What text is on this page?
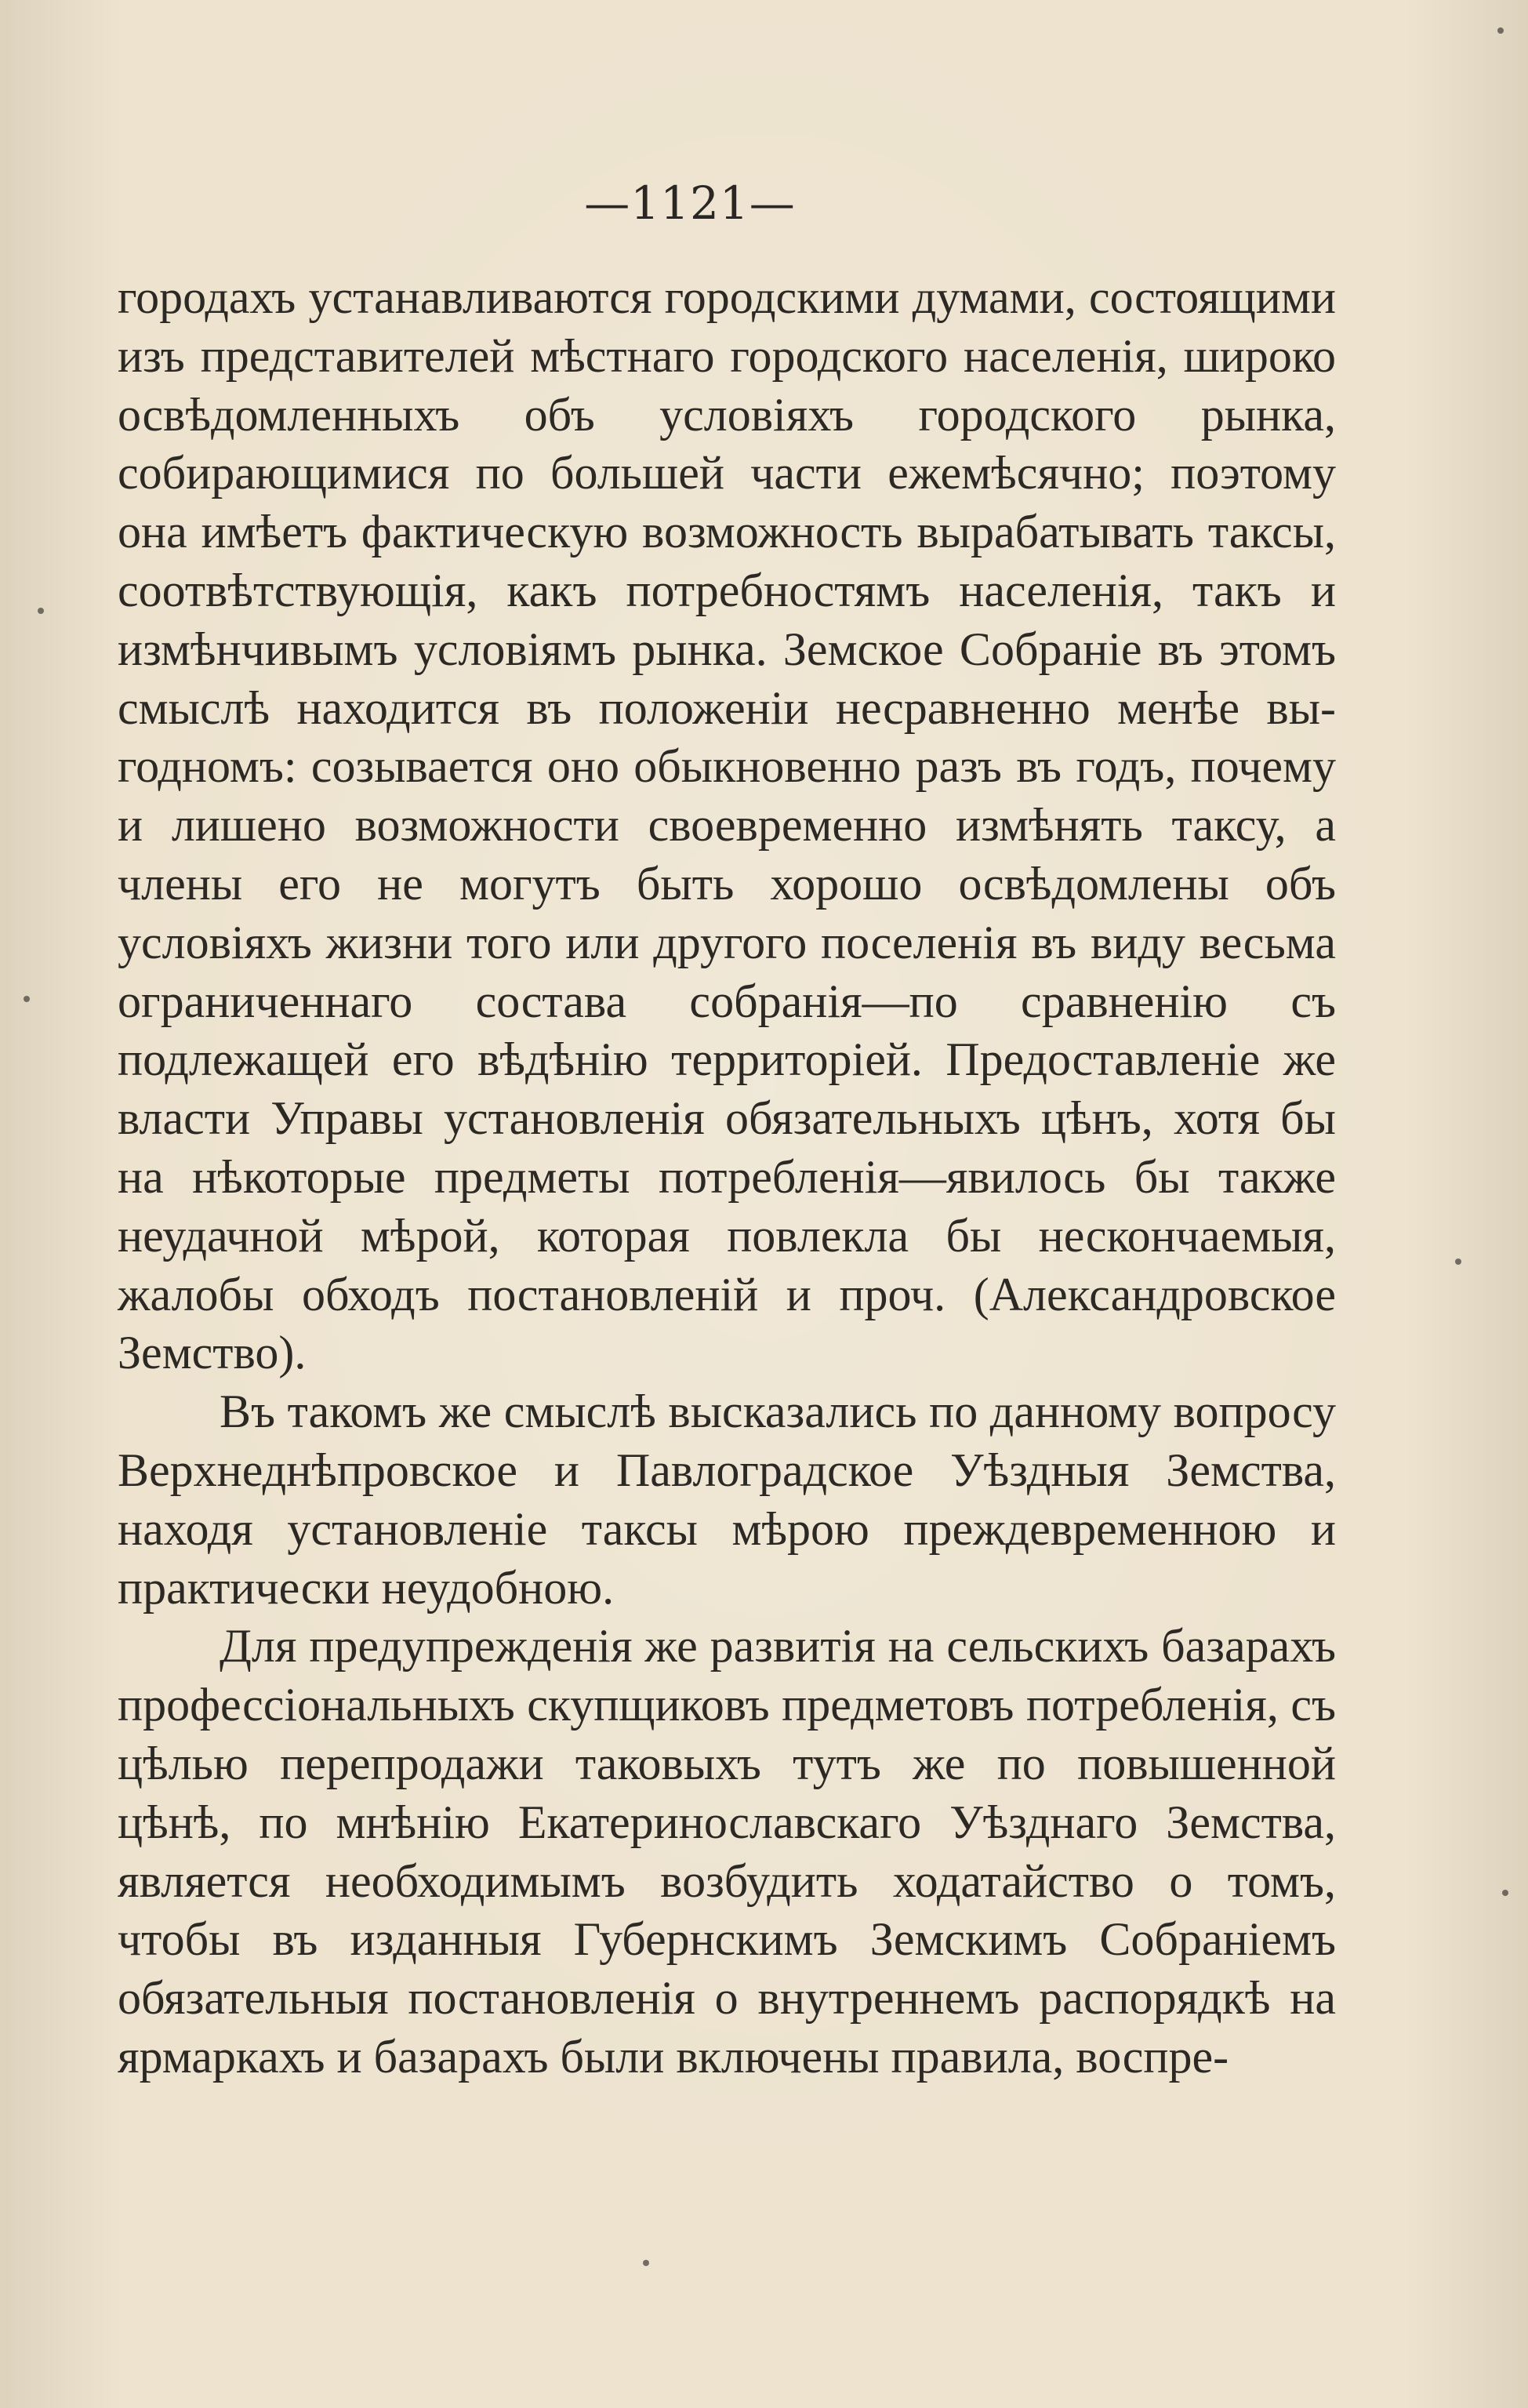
—1121—

городахъ устанавливаются городскими думами, состоящими изъ представителей мѣстнаго городского населенія, широко освѣдомленныхъ объ условіяхъ городского рынка, собирающимися по большей части ежемѣсячно; поэтому она имѣетъ фактическую возможность вырабатывать таксы, соотвѣтствующія, какъ потребностямъ населенія, такъ и измѣнчивымъ условіямъ рынка. Земское Собраніе въ этомъ смыслѣ находится въ положеніи несравненно менѣе выгодномъ: созывается оно обыкновенно разъ въ годъ, почему и лишено возможности своевременно измѣнять таксу, а члены его не могутъ быть хорошо освѣдомлены объ условіяхъ жизни того или другого поселенія въ виду весьма ограниченнаго состава собранія—по сравненію съ подлежащей его вѣдѣнію территоріей. Предоставленіе же власти Управы установленія обязательныхъ цѣнъ, хотя бы на нѣкоторые предметы потребленія—явилось бы также неудачной мѣрой, которая повлекла бы нескончаемыя, жалобы обходъ постановленій и проч. (Александровское Земство).

Въ такомъ же смыслѣ высказались по данному вопросу Верхнеднѣпровское и Павлоградское Уѣздныя Земства, находя установленіе таксы мѣрою преждевременною и практически неудобною.

Для предупрежденія же развитія на сельскихъ базарахъ профессіональныхъ скупщиковъ предметовъ потребленія, съ цѣлью перепродажи таковыхъ тутъ же по повышенной цѣнѣ, по мнѣнію Екатеринославскаго Уѣзднаго Земства, является необходимымъ возбудить ходатайство о томъ, чтобы въ изданныя Губернскимъ Земскимъ Собраніемъ обязательныя постановленія о внутреннемъ распорядкѣ на ярмаркахъ и базарахъ были включены правила, воспре-
